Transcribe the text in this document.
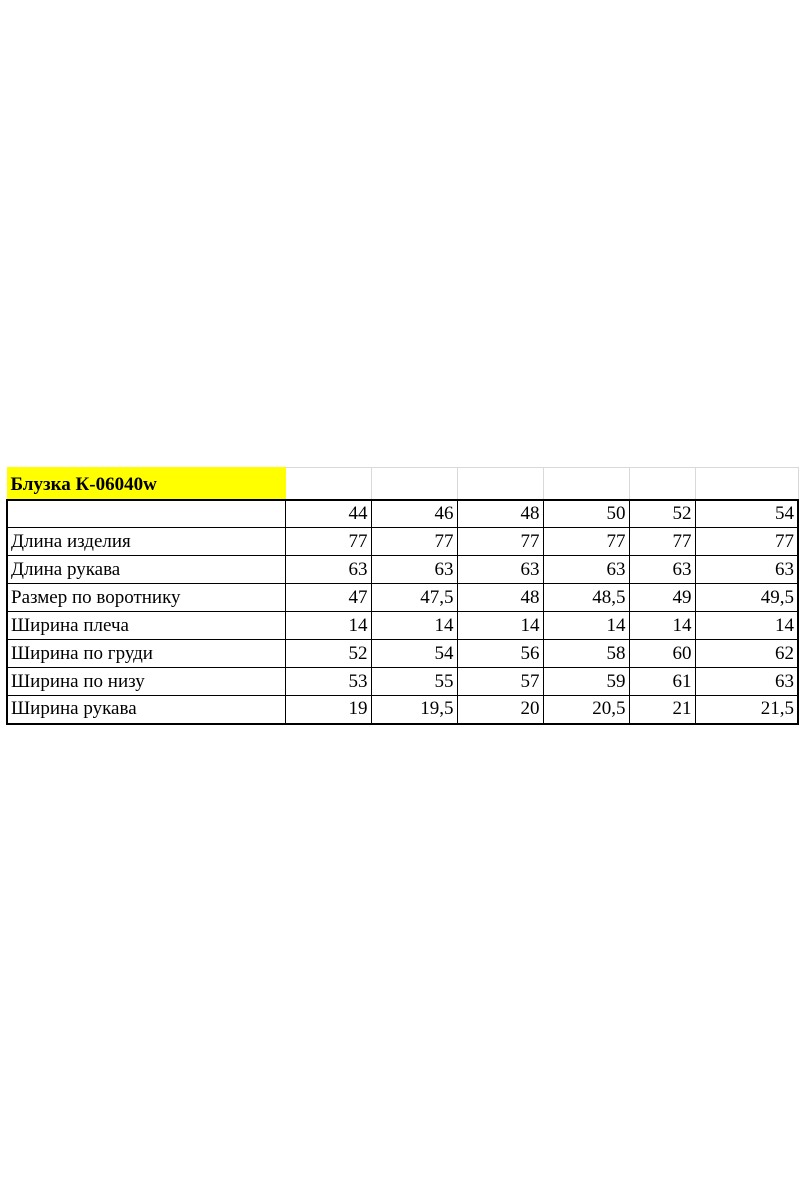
Блузка К-06040w						
	44	46	48	50	52	54
Длина изделия	77	77	77	77	77	77
Длина рукава	63	63	63	63	63	63
Размер по воротнику	47	47,5	48	48,5	49	49,5
Ширина плеча	14	14	14	14	14	14
Ширина по груди	52	54	56	58	60	62
Ширина по низу	53	55	57	59	61	63
Ширина рукава	19	19,5	20	20,5	21	21,5
